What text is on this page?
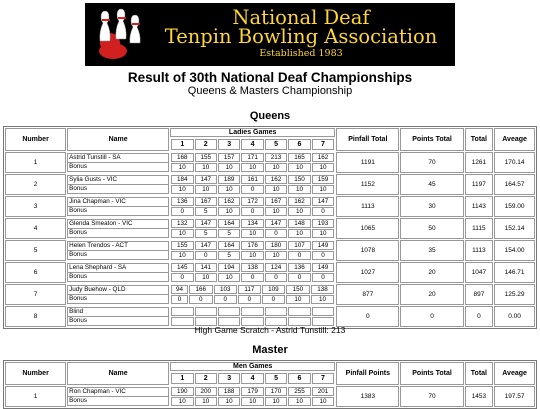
National Deaf
Tenpin Bowling Association
Established 1983
Result of 30th National Deaf Championships
Queens & Masters Championship
Queens
Number	Name	
Ladies Games
	Pinfall Total	Points Total	Total	Aveage

1	2	3	4	5	6	7

1	
Astrid Tunstill - SA
Bonus

168	155	157	171	213	165	162
10	10	10	10	10	10	10
	1191	70	1261	170.14
2	
Sylia Gusts - VIC
Bonus

184	147	189	161	162	150	159
10	10	10	0	10	10	10
	1152	45	1197	164.57
3	
Jina Chapman - VIC
Bonus

136	167	162	172	167	162	147
0	5	10	0	10	10	0
	1113	30	1143	159.00
4	
Glenda Smeaton - VIC
Bonus

132	147	164	134	147	148	193
10	5	5	10	0	10	10
	1065	50	1115	152.14
5	
Helen Trendos - ACT
Bonus

155	147	164	176	180	107	149
10	0	5	10	10	0	0
	1078	35	1113	154.00
6	
Lena Shephard - SA
Bonus

145	141	194	138	124	136	149
0	10	10	0	0	0	0
	1027	20	1047	146.71
7	
Judy Buehow - QLD
Bonus

94	166	103	117	109	150	138
0	0	0	0	0	10	10
	877	20	897	125.29
8	
Blind
Bonus

	0	0	0	0.00
High Game Scratch - Astrid Tunstill: 213
Master
Number	Name	
Men Games
	Pinfall Points	Points Total	Total	Aveage

1	2	3	4	5	6	7

1	
Ron Chapman - VIC
Bonus

190	200	188	179	170	255	201
10	10	10	10	10	10	10
	1383	70	1453	197.57
